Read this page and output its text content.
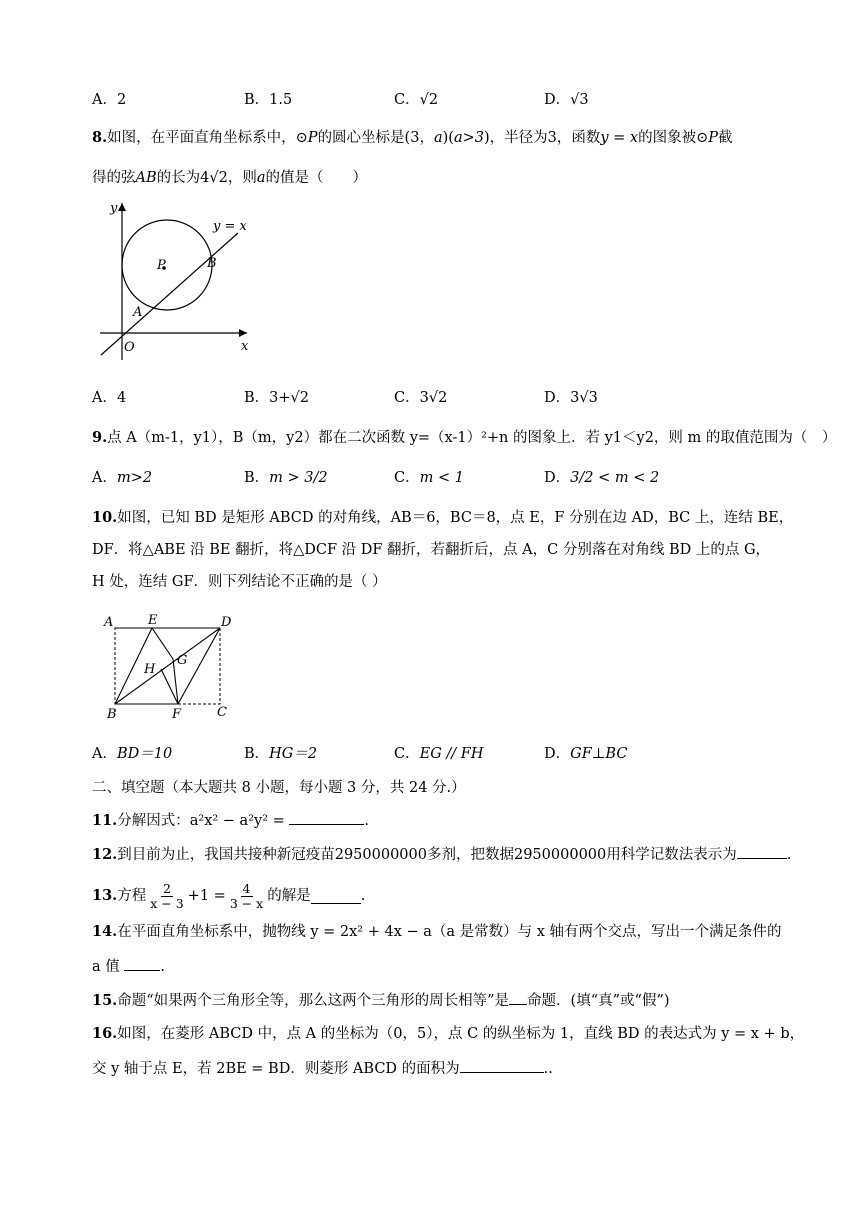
A．2	B．1.5	C．√2	D．√3
8.如图，在平面直角坐标系中，⊙P的圆心坐标是(3，a)(a>3)，半径为3，函数y = x的图象被⊙P截
得的弦AB的长为4√2，则a的值是（　　）
y
x
O
A
B
P
y = x
A．4	B．3+√2	C．3√2	D．3√3
9.点 A（m-1，y1），B（m，y2）都在二次函数 y=（x-1）²+n 的图象上．若 y1＜y2，则 m 的取值范围为（　）
A．m>2	B．m > 3/2	C．m < 1	D．3/2 < m < 2
10.如图，已知 BD 是矩形 ABCD 的对角线，AB＝6，BC＝8，点 E，F 分别在边 AD，BC 上，连结 BE，
DF．将△ABE 沿 BE 翻折，将△DCF 沿 DF 翻折，若翻折后，点 A，C 分别落在对角线 BD 上的点 G，
H 处，连结 GF．则下列结论不正确的是（ ）
A	E	D
G
H
B	F	C
A．BD＝10	B．HG＝2	C．EG // FH	D．GF⊥BC
二、填空题（本大题共 8 小题，每小题 3 分，共 24 分.）
11.分解因式：a²x² − a²y² =	.
12.到目前为止，我国共接种新冠疫苗2950000000多剂，把数据2950000000用科学记数法表示为	.
13. 方程 $\frac{2}{x - 3} +1 = \frac{4}{3 - x}$ 的解是	.
14.在平面直角坐标系中，抛物线 y = 2x² + 4x − a（a 是常数）与 x 轴有两个交点，写出一个满足条件的
a 值	.
15.命题“如果两个三角形全等，那么这两个三角形的周长相等”是 命题．(填“真”或“假”)
16.如图，在菱形 ABCD 中，点 A 的坐标为（0，5），点 C 的纵坐标为 1，直线 BD 的表达式为 y = x + b，
交 y 轴于点 E，若 2BE = BD．则菱形 ABCD 的面积为	..
